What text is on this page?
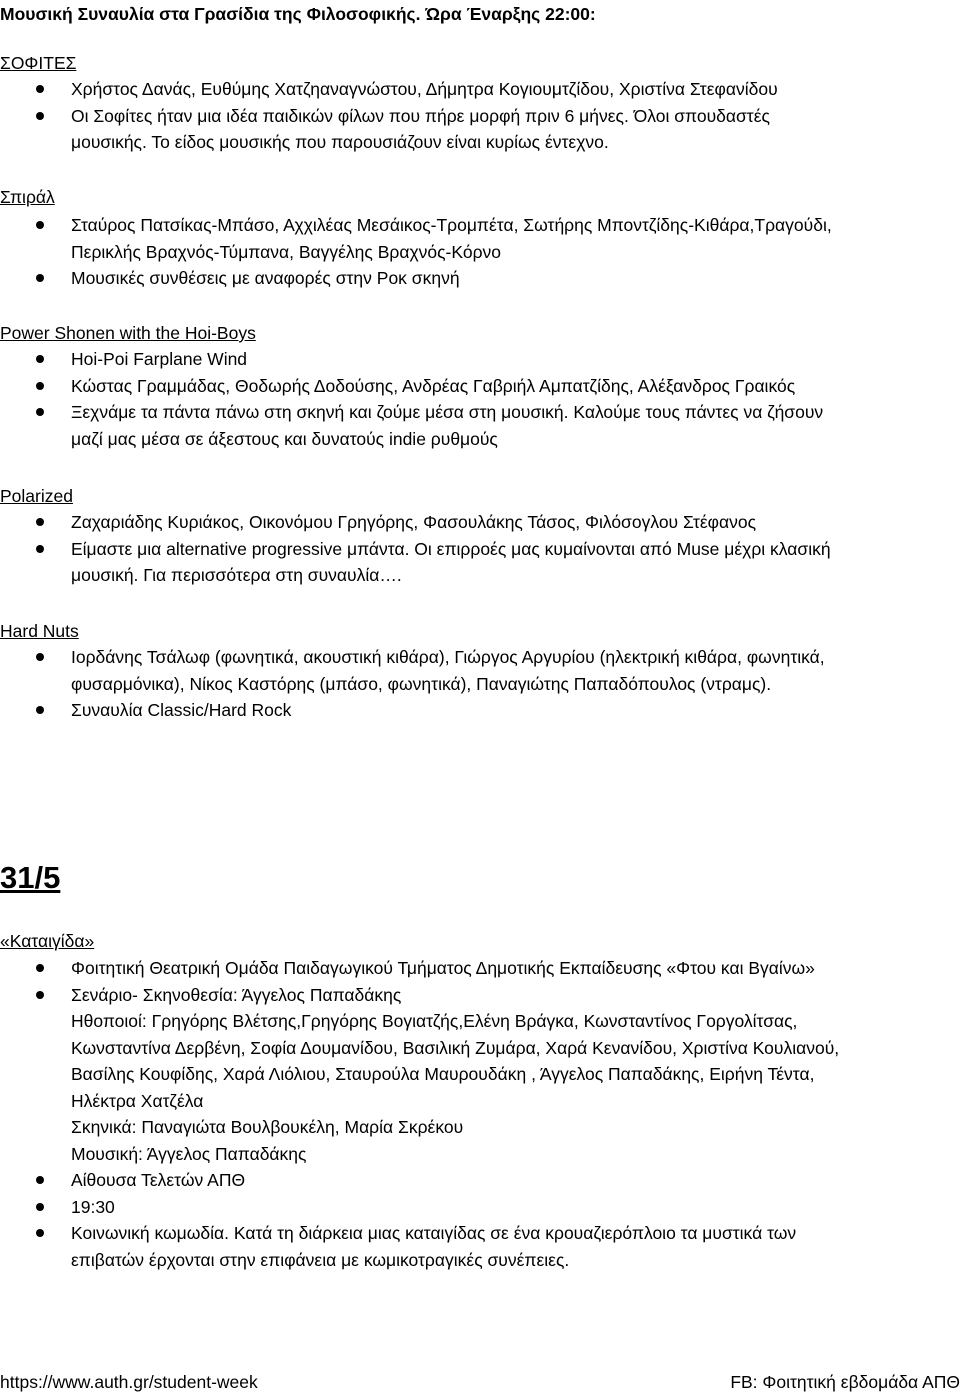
Μουσική Συναυλία στα Γρασίδια της Φιλοσοφικής. Ώρα Έναρξης 22:00:
ΣΟΦΙΤΕΣ
Χρήστος Δανάς, Ευθύμης Χατζηαναγνώστου, Δήμητρα Κογιουμτζίδου, Χριστίνα Στεφανίδου
Οι Σοφίτες ήταν μια ιδέα παιδικών φίλων που πήρε μορφή πριν 6 μήνες. Όλοι σπουδαστές
μουσικής. Το είδος μουσικής που παρουσιάζουν είναι κυρίως έντεχνο.
Σπιράλ
Σταύρος Πατσίκας-Μπάσο, Αχχιλέας Μεσάικος-Τρομπέτα, Σωτήρης Μποντζίδης-Κιθάρα,Τραγούδι,
Περικλής Βραχνός-Τύμπανα, Βαγγέλης Βραχνός-Κόρνο
Μουσικές συνθέσεις με αναφορές στην Ροκ σκηνή
Power Shonen with the Hoi-Boys
Hoi-Poi Farplane Wind
Κώστας Γραμμάδας, Θοδωρής Δοδούσης, Ανδρέας Γαβριήλ Αμπατζίδης, Αλέξανδρος Γραικός
Ξεχνάμε τα πάντα πάνω στη σκηνή και ζούμε μέσα στη μουσική. Καλούμε τους πάντες να ζήσουν
μαζί μας μέσα σε άξεστους και δυνατούς indie ρυθμούς
Polarized
Ζαχαριάδης Κυριάκος, Οικονόμου Γρηγόρης, Φασουλάκης Τάσος, Φιλόσογλου Στέφανος
Είμαστε μια alternative progressive μπάντα. Οι επιρροές μας κυμαίνονται από Muse μέχρι κλασική
μουσική. Για περισσότερα στη συναυλία….
Hard Nuts
Ιορδάνης Τσάλωφ (φωνητικά, ακουστική κιθάρα), Γιώργος Αργυρίου (ηλεκτρική κιθάρα, φωνητικά,
φυσαρμόνικα), Νίκος Καστόρης (μπάσο, φωνητικά), Παναγιώτης Παπαδόπουλος (ντραμς).
Συναυλία Classic/Hard Rock
31/5
«Καταιγίδα»
Φοιτητική Θεατρική Ομάδα Παιδαγωγικού Τμήματος Δημοτικής Εκπαίδευσης «Φτου και Βγαίνω»
Σενάριο- Σκηνοθεσία: Άγγελος Παπαδάκης
Ηθοποιοί: Γρηγόρης Βλέτσης,Γρηγόρης Βογιατζής,Ελένη Βράγκα, Κωνσταντίνος Γοργολίτσας,
Κωνσταντίνα Δερβένη, Σοφία Δουμανίδου, Βασιλική Ζυμάρα, Χαρά Κενανίδου, Χριστίνα Κουλιανού,
Βασίλης Κουφίδης, Χαρά Λιόλιου, Σταυρούλα Μαυρουδάκη , Άγγελος Παπαδάκης, Ειρήνη Τέντα,
Ηλέκτρα Χατζέλα
Σκηνικά: Παναγιώτα Βουλβουκέλη, Μαρία Σκρέκου
Μουσική: Άγγελος Παπαδάκης
Αίθουσα Τελετών ΑΠΘ
19:30
Κοινωνική κωμωδία. Κατά τη διάρκεια μιας καταιγίδας σε ένα κρουαζιερόπλοιο τα μυστικά των
επιβατών έρχονται στην επιφάνεια με κωμικοτραγικές συνέπειες.
https://www.auth.gr/student-week	FB: Φοιτητική εβδομάδα ΑΠΘ
